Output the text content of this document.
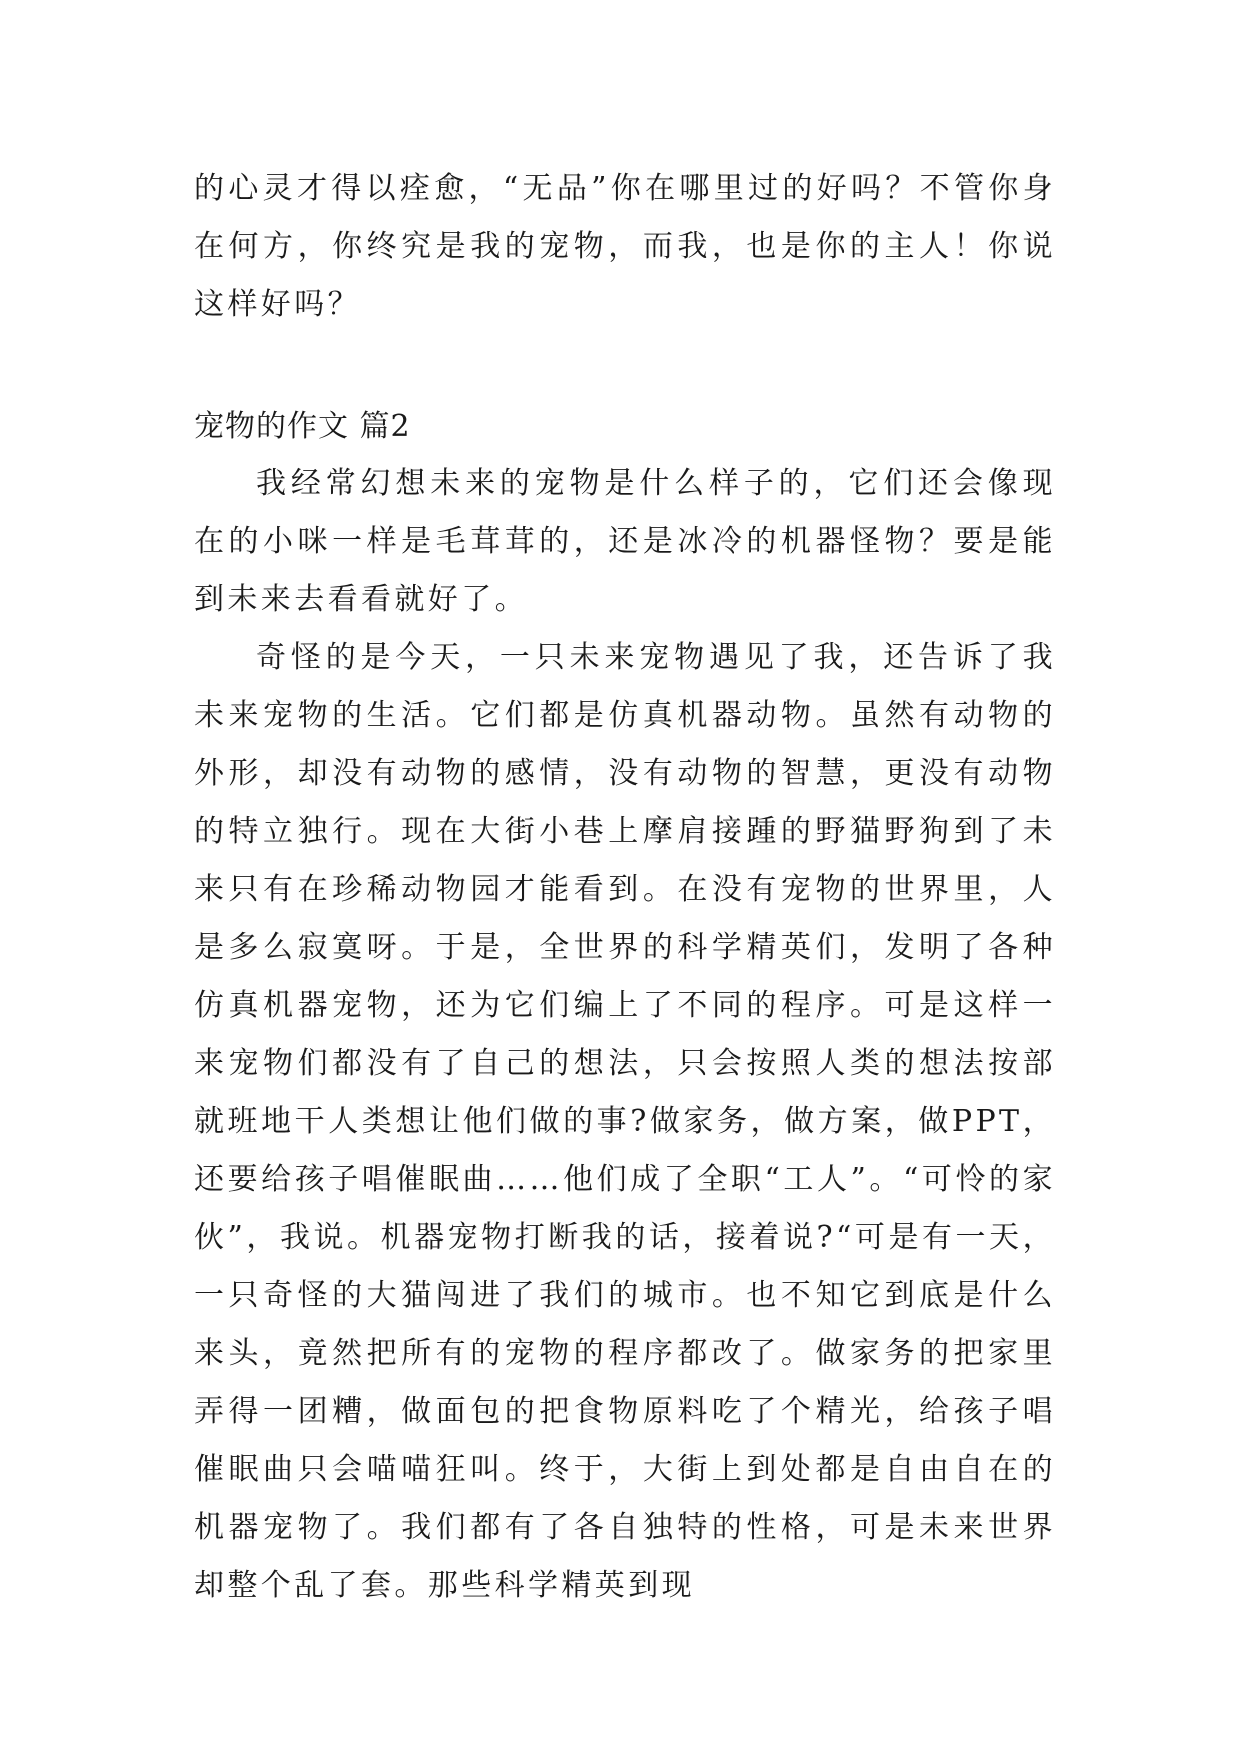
的心灵才得以痊愈，“无品”你在哪里过的好吗？不管你身在何方，你终究是我的宠物，而我，也是你的主人！你说这样好吗？

宠物的作文 篇2

我经常幻想未来的宠物是什么样子的，它们还会像现在的小咪一样是毛茸茸的，还是冰冷的机器怪物？要是能到未来去看看就好了。

奇怪的是今天，一只未来宠物遇见了我，还告诉了我未来宠物的生活。它们都是仿真机器动物。虽然有动物的外形，却没有动物的感情，没有动物的智慧，更没有动物的特立独行。现在大街小巷上摩肩接踵的野猫野狗到了未来只有在珍稀动物园才能看到。在没有宠物的世界里，人是多么寂寞呀。于是，全世界的科学精英们，发明了各种仿真机器宠物，还为它们编上了不同的程序。可是这样一来宠物们都没有了自己的想法，只会按照人类的想法按部就班地干人类想让他们做的事?做家务，做方案，做PPT，还要给孩子唱催眠曲……他们成了全职“工人”。“可怜的家伙”，我说。机器宠物打断我的话，接着说?“可是有一天，一只奇怪的大猫闯进了我们的城市。也不知它到底是什么来头，竟然把所有的宠物的程序都改了。做家务的把家里弄得一团糟，做面包的把食物原料吃了个精光，给孩子唱催眠曲只会喵喵狂叫。终于，大街上到处都是自由自在的机器宠物了。我们都有了各自独特的性格，可是未来世界却整个乱了套。那些科学精英到现
